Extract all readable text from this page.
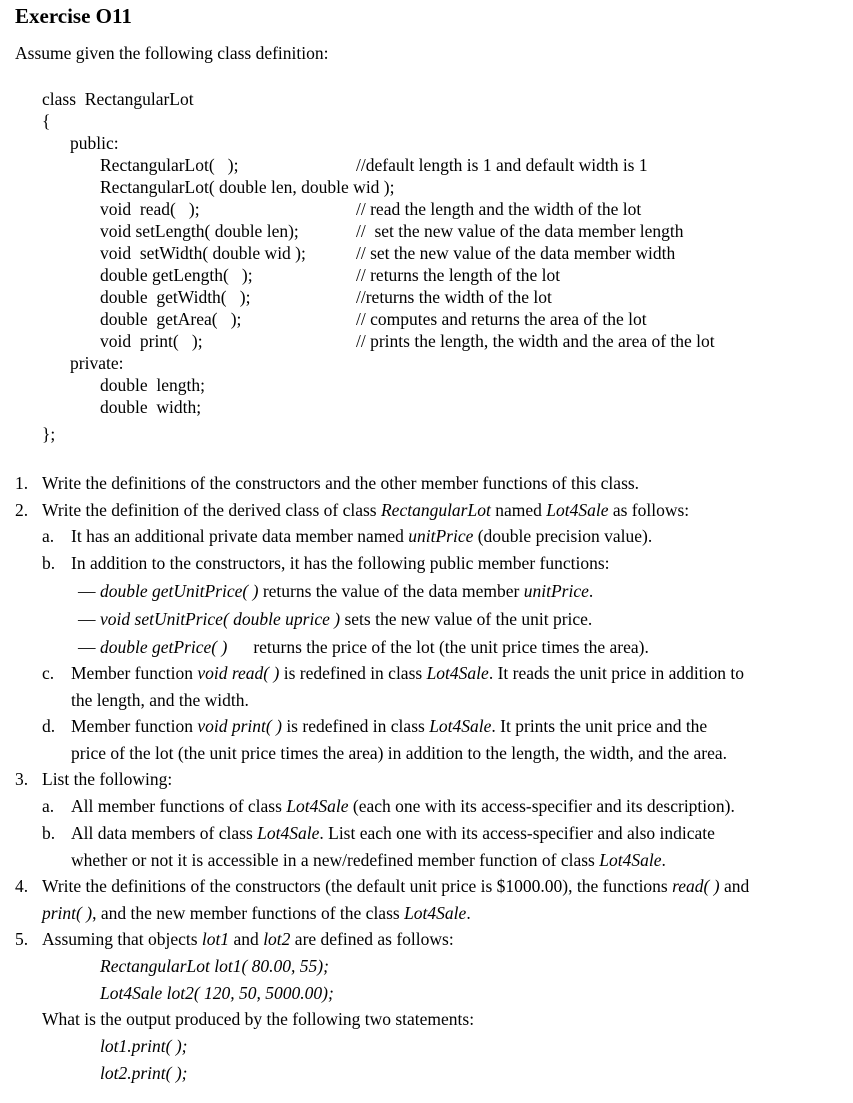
Exercise O11
Assume given the following class definition:
class  RectangularLot
{
public:
RectangularLot(   );
RectangularLot( double len, double wid );
void  read(   );
void setLength( double len);
void  setWidth( double wid );
double getLength(   );
double  getWidth(   );
double  getArea(   );
void  print(   );
private:
double  length;
double  width;
};
//default length is 1 and default width is 1
// read the length and the width of the lot
//  set the new value of the data member length
// set the new value of the data member width
// returns the length of the lot
//returns the width of the lot
// computes and returns the area of the lot
// prints the length, the width and the area of the lot
1. Write the definitions of the constructors and the other member functions of this class.
2. Write the definition of the derived class of class RectangularLot named Lot4Sale as follows:
a. It has an additional private data member named unitPrice (double precision value).
b. In addition to the constructors, it has the following public member functions:
— double getUnitPrice( ) returns the value of the data member unitPrice.
— void setUnitPrice( double uprice ) sets the new value of the unit price.
— double getPrice( ) returns the price of the lot (the unit price times the area).
c. Member function void read( ) is redefined in class Lot4Sale. It reads the unit price in addition to
the length, and the width.
d. Member function void print( ) is redefined in class Lot4Sale. It prints the unit price and the
price of the lot (the unit price times the area) in addition to the length, the width, and the area.
3. List the following:
a. All member functions of class Lot4Sale (each one with its access-specifier and its description).
b. All data members of class Lot4Sale. List each one with its access-specifier and also indicate
whether or not it is accessible in a new/redefined member function of class Lot4Sale.
4. Write the definitions of the constructors (the default unit price is $1000.00), the functions read( ) and
print( ), and the new member functions of the class Lot4Sale.
5. Assuming that objects lot1 and lot2 are defined as follows:
RectangularLot lot1( 80.00, 55);
Lot4Sale lot2( 120, 50, 5000.00);
What is the output produced by the following two statements:
lot1.print( );
lot2.print( );
